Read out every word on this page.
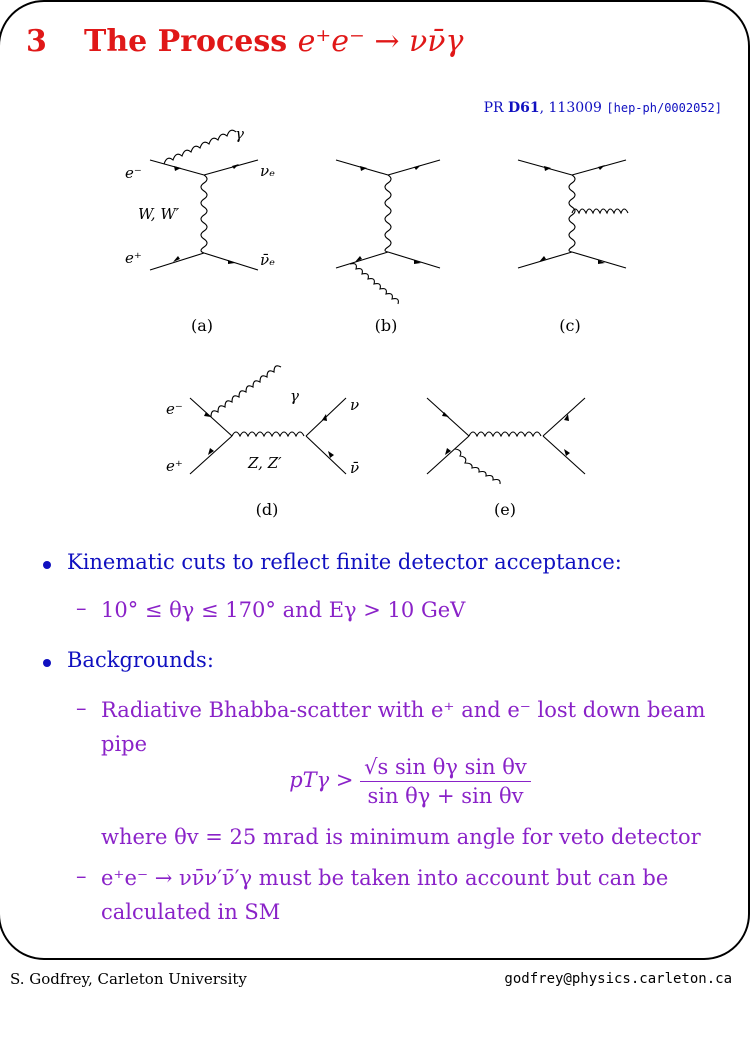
3 The Process e⁺e⁻ → νν̄γ
PR D61, 113009 [hep-ph/0002052]
γ
e⁻	νₑ
W, W′
e⁺	ν̄ₑ
e⁻
e⁺
γ	ν
ν̄
Z, Z′
(a)	(b)	(c)
(d)	(e)
Kinematic cuts to reflect finite detector acceptance:
– 10° ≤ θγ ≤ 170° and Eγ > 10 GeV
Backgrounds:
– Radiative Bhabba-scatter with e⁺ and e⁻ lost down beam
pipe
$pT\gamma > \frac{\text{√s sin θγ sin θv}}{\text{sin θγ + sin θv}}$
where θv = 25 mrad is minimum angle for veto detector
– e⁺e⁻ → νν̄ν′ν̄′γ must be taken into account but can be
calculated in SM
S. Godfrey, Carleton University	godfrey@physics.carleton.ca
